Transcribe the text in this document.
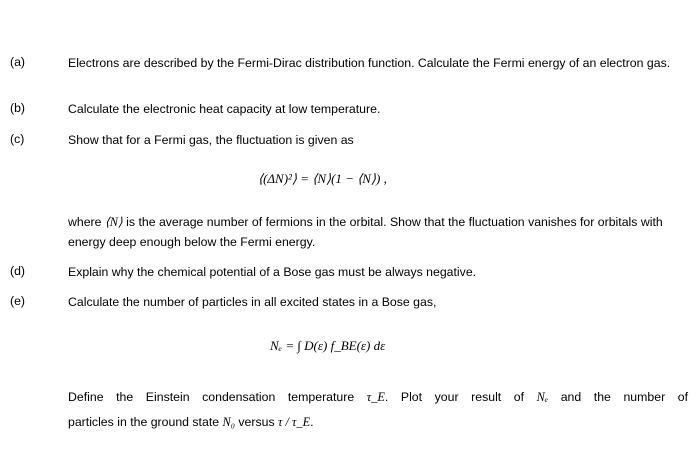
(a)	Electrons are described by the Fermi-Dirac distribution function. Calculate the Fermi energy of an electron gas.
(b)	Calculate the electronic heat capacity at low temperature.
(c)	Show that for a Fermi gas, the fluctuation is given as
⟨(ΔN)²⟩ = ⟨N⟩(1 − ⟨N⟩) ,
where ⟨N⟩ is the average number of fermions in the orbital. Show that the fluctuation vanishes for orbitals with energy deep enough below the Fermi energy.
(d)	Explain why the chemical potential of a Bose gas must be always negative.
(e)	Calculate the number of particles in all excited states in a Bose gas,
Nₑ = ∫ D(ε) f_BE(ε) dε
Define the Einstein condensation temperature τ_E. Plot your result of Nₑ and the number of
particles in the ground state N₀ versus τ / τ_E.
